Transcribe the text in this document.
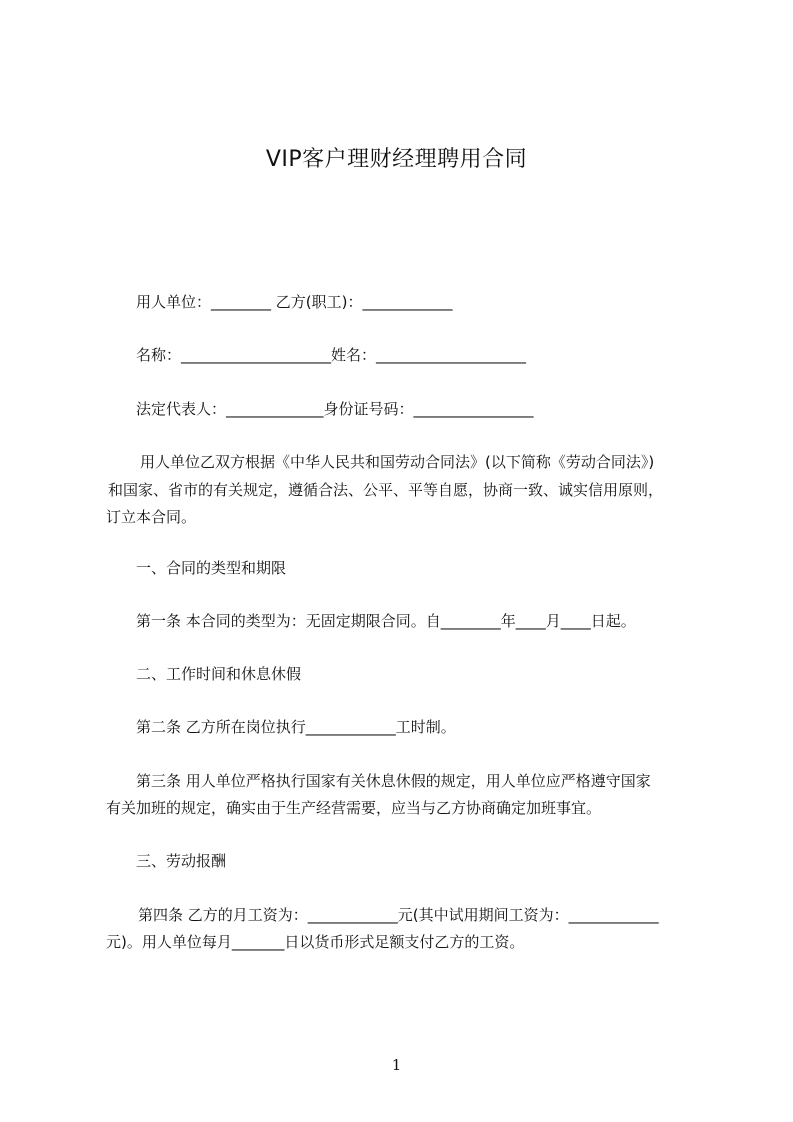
VIP客户理财经理聘用合同
用人单位：________ 乙方(职工)：____________
名称：____________________姓名：____________________
法定代表人：_____________身份证号码：________________
用人单位乙双方根据《中华人民共和国劳动合同法》(以下简称《劳动合同法》)
和国家、省市的有关规定，遵循合法、公平、平等自愿，协商一致、诚实信用原则，
订立本合同。
一、合同的类型和期限
第一条 本合同的类型为：无固定期限合同。自________年____月____日起。
二、工作时间和休息休假
第二条 乙方所在岗位执行____________工时制。
第三条 用人单位严格执行国家有关休息休假的规定，用人单位应严格遵守国家
有关加班的规定，确实由于生产经营需要，应当与乙方协商确定加班事宜。
三、劳动报酬
第四条 乙方的月工资为：____________元(其中试用期间工资为：____________
元)。用人单位每月_______日以货币形式足额支付乙方的工资。
1
